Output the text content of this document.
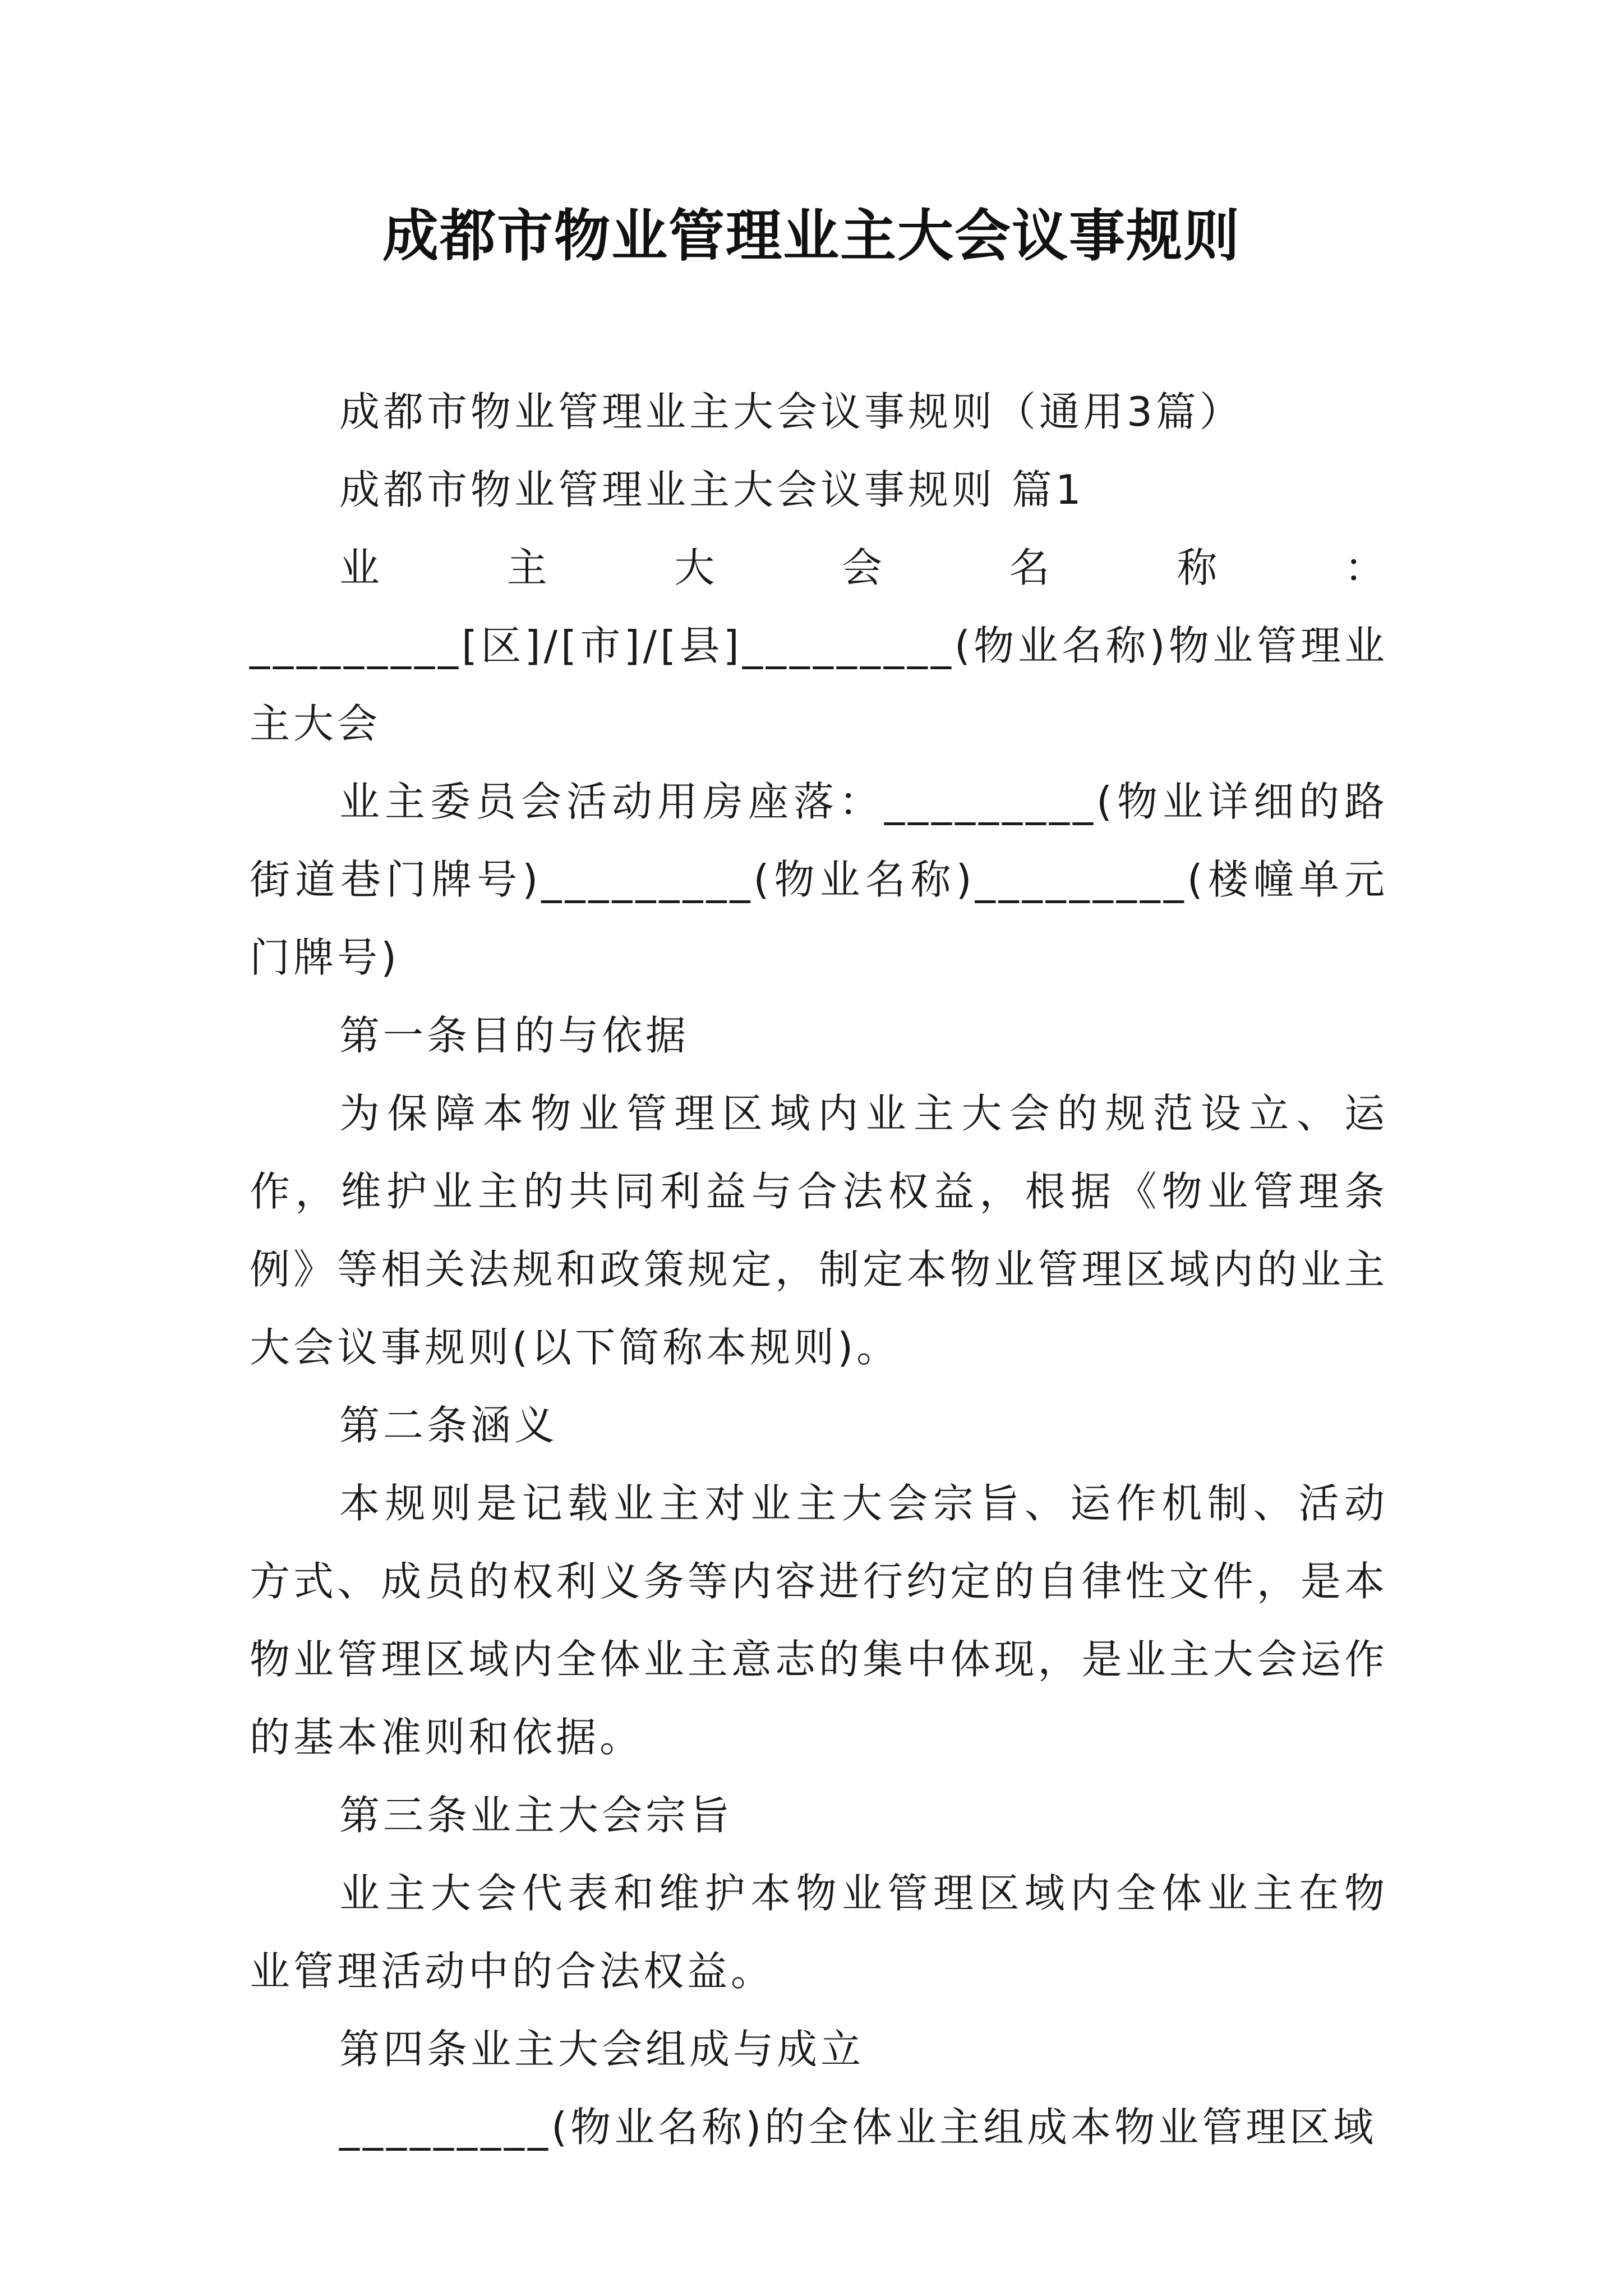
成都市物业管理业主大会议事规则

成都市物业管理业主大会议事规则（通用3篇）

成都市物业管理业主大会议事规则 篇1

业主大会名称：_________[区]/[市]/[县]_________(物业名称)物业管理业主大会

业主委员会活动用房座落：_________(物业详细的路街道巷门牌号)_________(物业名称)_________(楼幢单元门牌号)

第一条目的与依据

为保障本物业管理区域内业主大会的规范设立、运作，维护业主的共同利益与合法权益，根据《物业管理条例》等相关法规和政策规定，制定本物业管理区域内的业主大会议事规则(以下简称本规则)。

第二条涵义

本规则是记载业主对业主大会宗旨、运作机制、活动方式、成员的权利义务等内容进行约定的自律性文件，是本物业管理区域内全体业主意志的集中体现，是业主大会运作的基本准则和依据。

第三条业主大会宗旨

业主大会代表和维护本物业管理区域内全体业主在物业管理活动中的合法权益。

第四条业主大会组成与成立

_________(物业名称)的全体业主组成本物业管理区域
